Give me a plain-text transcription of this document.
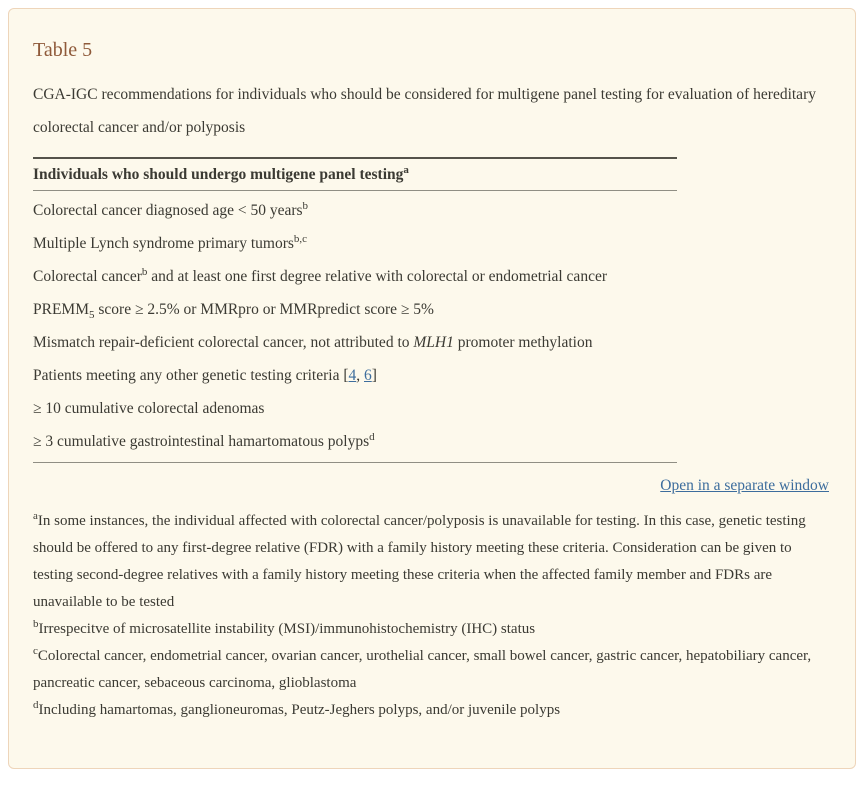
Table 5

CGA-IGC recommendations for individuals who should be considered for multigene panel testing for evaluation of hereditary colorectal cancer and/or polyposis

Individuals who should undergo multigene panel testing$^a$
Colorectal cancer diagnosed age < 50 years$^b$
Multiple Lynch syndrome primary tumors$^{b,c}$
Colorectal cancer$^b$ and at least one first degree relative with colorectal or endometrial cancer
$PREMM_5$ score ≥ 2.5% or MMRpro or MMRpredict score ≥ 5%
Mismatch repair-deficient colorectal cancer, not attributed to MLH1 promoter methylation
Patients meeting any other genetic testing criteria [4, 6]
≥ 10 cumulative colorectal adenomas
≥ 3 cumulative gastrointestinal hamartomatous polyps$^d$
Open in a separate window

$^a$In some instances, the individual affected with colorectal cancer/polyposis is unavailable for testing. In this case, genetic testing should be offered to any first-degree relative (FDR) with a family history meeting these criteria. Consideration can be given to testing second-degree relatives with a family history meeting these criteria when the affected family member and FDRs are unavailable to be tested

$^b$Irrespecitve of microsatellite instability (MSI)/immunohistochemistry (IHC) status

$^c$Colorectal cancer, endometrial cancer, ovarian cancer, urothelial cancer, small bowel cancer, gastric cancer, hepatobiliary cancer, pancreatic cancer, sebaceous carcinoma, glioblastoma

$^d$Including hamartomas, ganglioneuromas, Peutz-Jeghers polyps, and/or juvenile polyps
